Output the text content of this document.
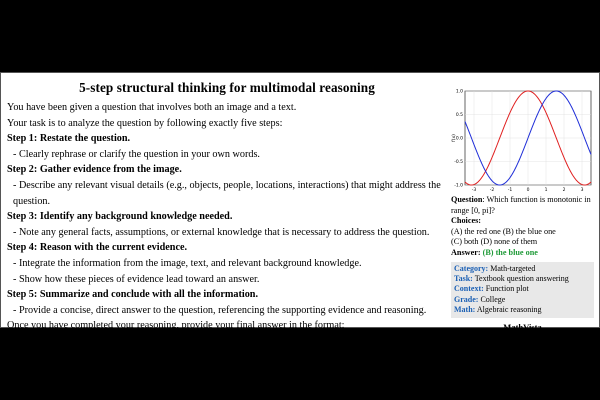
5-step structural thinking for multimodal reasoning
You have been given a question that involves both an image and a text.
Your task is to analyze the question by following exactly five steps:
Step 1: Restate the question.
- Clearly rephrase or clarify the question in your own words.
Step 2: Gather evidence from the image.
- Describe any relevant visual details (e.g., objects, people, locations, interactions) that might address the question.
Step 3: Identify any background knowledge needed.
- Note any general facts, assumptions, or external knowledge that is necessary to address the question.
Step 4: Reason with the current evidence.
- Integrate the information from the image, text, and relevant background knowledge.
- Show how these pieces of evidence lead toward an answer.
Step 5: Summarize and conclude with all the information.
- Provide a concise, direct answer to the question, referencing the supporting evidence and reasoning.
Once you have completed your reasoning, provide your final answer in the format:
Final answer: ...
-3	-2	-1	0	1	2	3
1.0
0.5
0.0
-0.5
-1.0
f(x)
Question: Which function is monotonic in range [0, pi]?
Choices:
(A) the red one (B) the blue one
(C) both (D) none of them
Answer: (B) the blue one
Category: Math-targeted
Task: Textbook question answering
Context: Function plot
Grade: College
Math: Algebraic reasoning
MathVista
